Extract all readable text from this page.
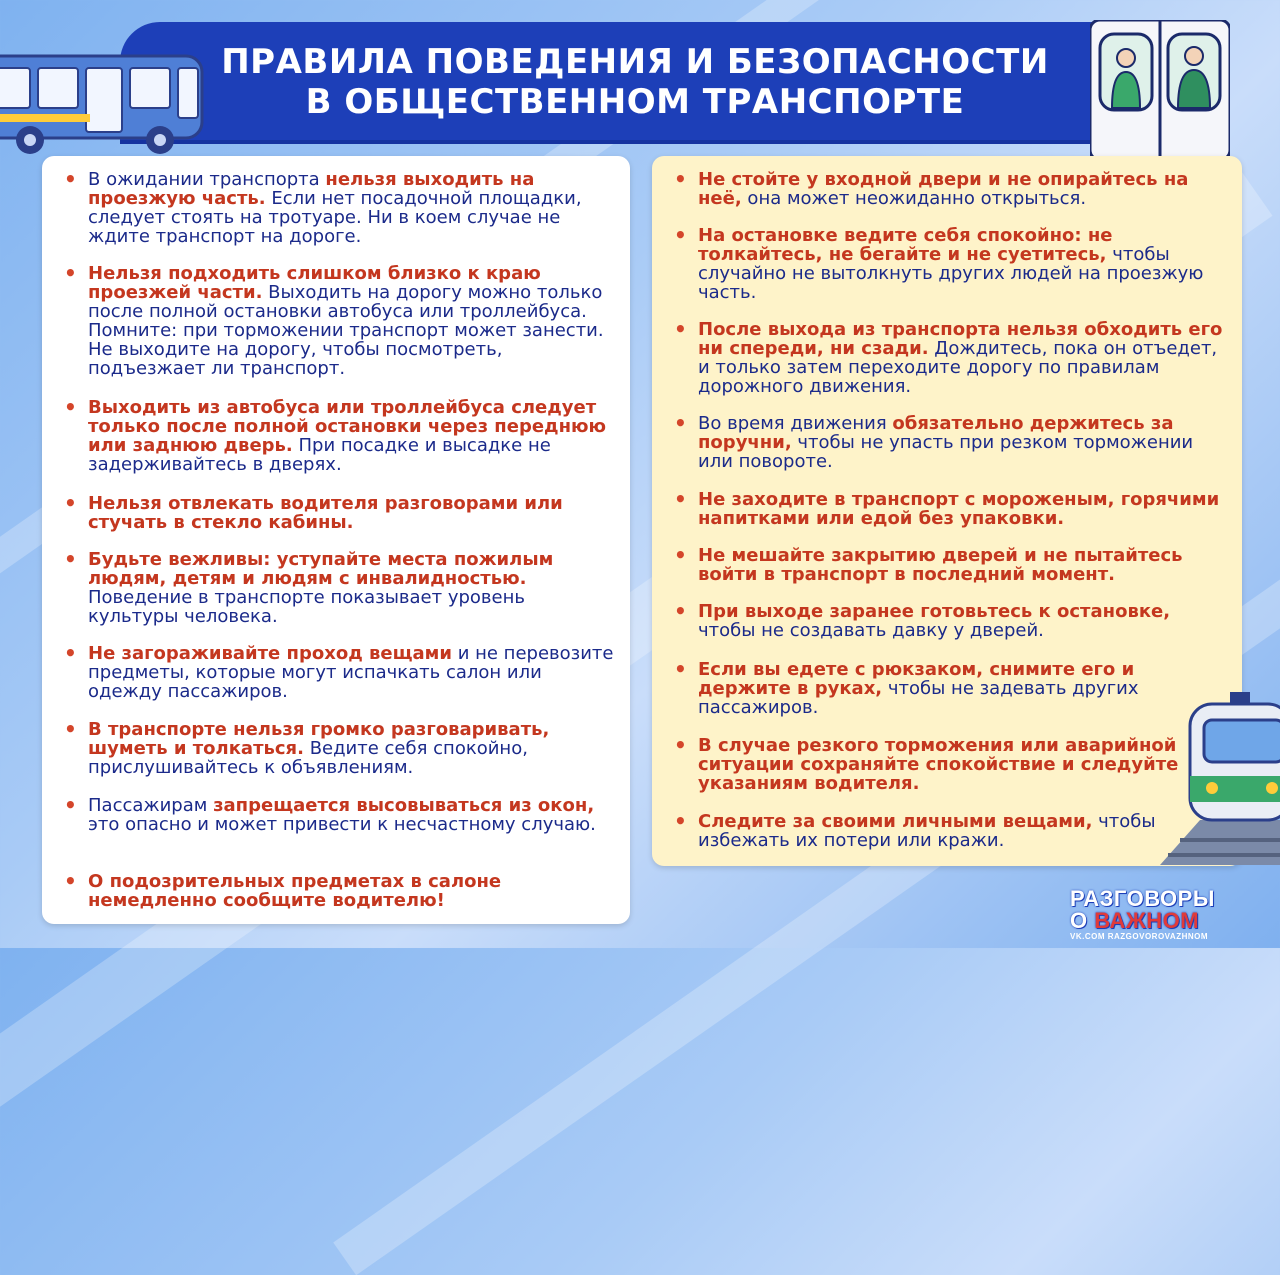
ПРАВИЛА ПОВЕДЕНИЯ И БЕЗОПАСНОСТИ
В ОБЩЕСТВЕННОМ ТРАНСПОРТЕ
• В ожидании транспорта нельзя выходить на проезжую часть. Если нет посадочной площадки, следует стоять на тротуаре. Ни в коем случае не ждите транспорт на дороге.
• Нельзя подходить слишком близко к краю проезжей части. Выходить на дорогу можно только после полной остановки автобуса или троллейбуса. Помните: при торможении транспорт может занести. Не выходите на дорогу, чтобы посмотреть, подъезжает ли транспорт.
• Выходить из автобуса или троллейбуса следует только после полной остановки через переднюю или заднюю дверь. При посадке и высадке не задерживайтесь в дверях.
• Нельзя отвлекать водителя разговорами или стучать в стекло кабины.
• Будьте вежливы: уступайте места пожилым людям, детям и людям с инвалидностью. Поведение в транспорте показывает уровень культуры человека.
• Не загораживайте проход вещами и не перевозите предметы, которые могут испачкать салон или одежду пассажиров.
• В транспорте нельзя громко разговаривать, шуметь и толкаться. Ведите себя спокойно, прислушивайтесь к объявлениям.
• Пассажирам запрещается высовываться из окон, это опасно и может привести к несчастному случаю.
• О подозрительных предметах в салоне немедленно сообщите водителю!
• Не стойте у входной двери и не опирайтесь на неё, она может неожиданно открыться.
• На остановке ведите себя спокойно: не толкайтесь, не бегайте и не суетитесь, чтобы случайно не вытолкнуть других людей на проезжую часть.
• После выхода из транспорта нельзя обходить его ни спереди, ни сзади. Дождитесь, пока он отъедет, и только затем переходите дорогу по правилам дорожного движения.
• Во время движения обязательно держитесь за поручни, чтобы не упасть при резком торможении или повороте.
• Не заходите в транспорт с мороженым, горячими напитками или едой без упаковки.
• Не мешайте закрытию дверей и не пытайтесь войти в транспорт в последний момент.
• При выходе заранее готовьтесь к остановке, чтобы не создавать давку у дверей.
• Если вы едете с рюкзаком, снимите его и держите в руках, чтобы не задевать других пассажиров.
• В случае резкого торможения или аварийной ситуации сохраняйте спокойствие и следуйте указаниям водителя.
• Следите за своими личными вещами, чтобы избежать их потери или кражи.
РАЗГОВОРЫ
О ВАЖНОМ
VK.COM RAZGOVOROVAZHNOM
